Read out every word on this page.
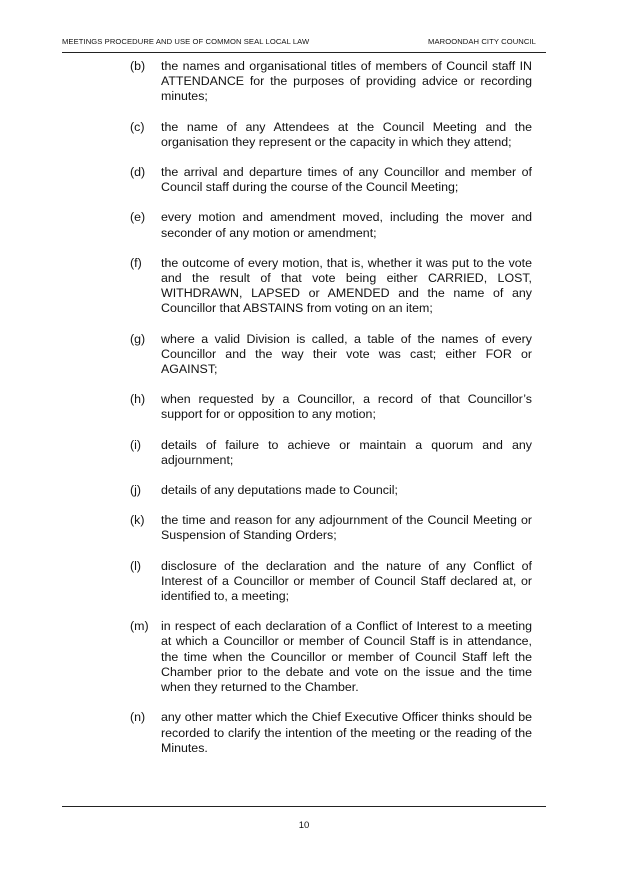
MEETINGS PROCEDURE AND USE OF COMMON SEAL LOCAL LAW	MAROONDAH CITY COUNCIL
(b) the names and organisational titles of members of Council staff IN ATTENDANCE for the purposes of providing advice or recording minutes;
(c) the name of any Attendees at the Council Meeting and the organisation they represent or the capacity in which they attend;
(d) the arrival and departure times of any Councillor and member of Council staff during the course of the Council Meeting;
(e) every motion and amendment moved, including the mover and seconder of any motion or amendment;
(f) the outcome of every motion, that is, whether it was put to the vote and the result of that vote being either CARRIED, LOST, WITHDRAWN, LAPSED or AMENDED and the name of any Councillor that ABSTAINS from voting on an item;
(g) where a valid Division is called, a table of the names of every Councillor and the way their vote was cast; either FOR or AGAINST;
(h) when requested by a Councillor, a record of that Councillor’s support for or opposition to any motion;
(i) details of failure to achieve or maintain a quorum and any adjournment;
(j) details of any deputations made to Council;
(k) the time and reason for any adjournment of the Council Meeting or Suspension of Standing Orders;
(l) disclosure of the declaration and the nature of any Conflict of Interest of a Councillor or member of Council Staff declared at, or identified to, a meeting;
(m) in respect of each declaration of a Conflict of Interest to a meeting at which a Councillor or member of Council Staff is in attendance, the time when the Councillor or member of Council Staff left the Chamber prior to the debate and vote on the issue and the time when they returned to the Chamber.
(n) any other matter which the Chief Executive Officer thinks should be recorded to clarify the intention of the meeting or the reading of the Minutes.
10
